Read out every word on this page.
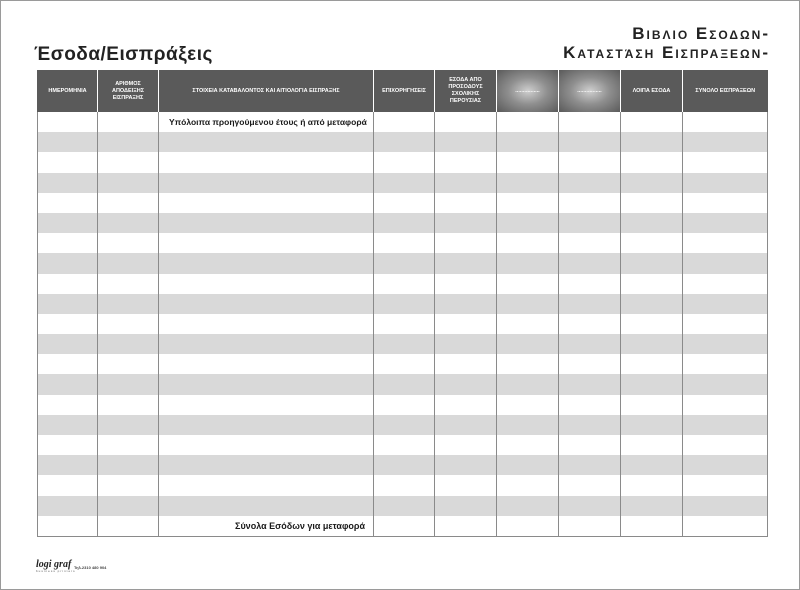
Έσοδα/Εισπράξεις
Βιβλιο Εσοδων-
Καταστάση Εισπραξεων-
ΗΜΕΡΟΜΗΝΙΑ	ΑΡΙΘΜΟΣ ΑΠΟΔΕΙΞΗΣ ΕΙΣΠΡΑΞΗΣ	ΣΤΟΙΧΕΙΑ ΚΑΤΑΒΑΛΟΝΤΟΣ ΚΑΙ ΑΙΤΙΟΛΟΓΙΑ ΕΙΣΠΡΑΞΗΣ	ΕΠΙΧΟΡΗΓΗΣΕΙΣ	ΕΣΟΔΑ ΑΠΟ ΠΡΟΣΟΔΟΥΣ ΣΧΟΛΙΚΗΣ ΠΕΡΟΥΣΙΑΣ	................	................	ΛΟΙΠΑ ΕΣΟΔΑ	ΣΥΝΟΛΟ ΕΙΣΠΡΑΞΕΩΝ
		Υπόλοιπα προηγούμενου έτους ή από μεταφορά						

		Σύνολα Εσόδων για μεταφορά						
logi graf
business printers
Τηλ.2310 480 904
